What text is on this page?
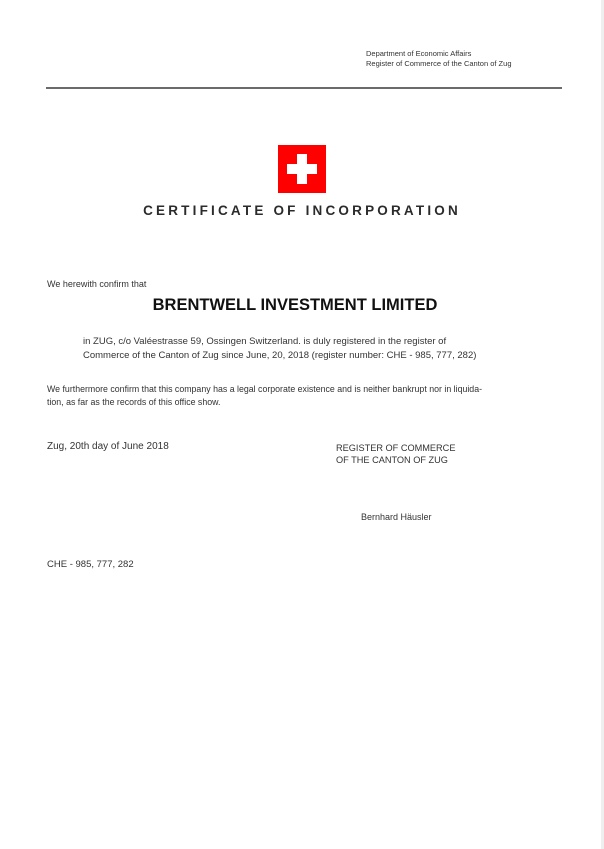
Department of Economic Affairs
Register of Commerce of the Canton of Zug
CERTIFICATE OF INCORPORATION
We herewith confirm that
BRENTWELL INVESTMENT LIMITED
in ZUG, c/o Valéestrasse 59, Ossingen Switzerland. is duly registered in the register of
Commerce of the Canton of Zug since June, 20, 2018 (register number: CHE - 985, 777, 282)
We furthermore confirm that this company has a legal corporate existence and is neither bankrupt nor in liquida-
tion, as far as the records of this office show.
Zug, 20th day of June 2018	REGISTER OF COMMERCE
OF THE CANTON OF ZUG
Bernhard Häusler
CHE - 985, 777, 282
